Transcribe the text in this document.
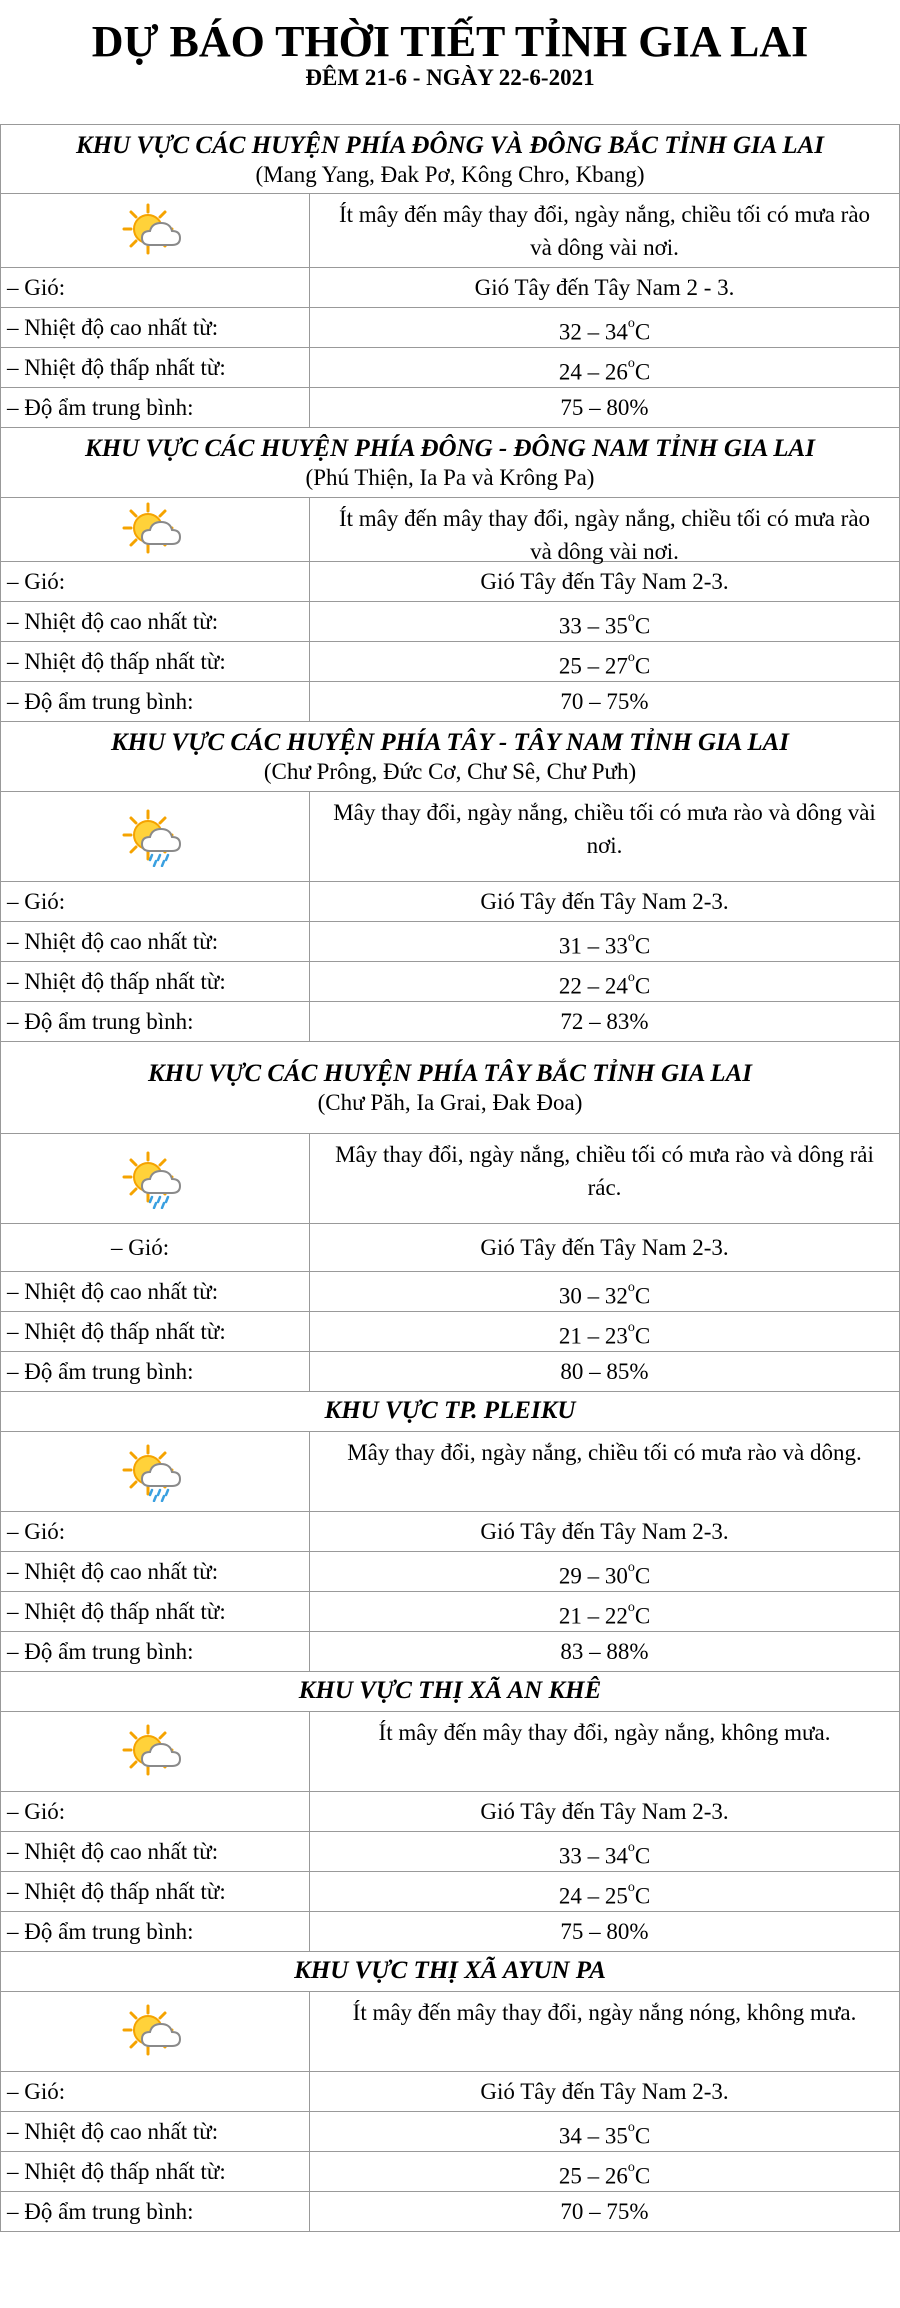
DỰ BÁO THỜI TIẾT TỈNH GIA LAI
ĐÊM 21-6 - NGÀY 22-6-2021
KHU VỰC CÁC HUYỆN PHÍA ĐÔNG VÀ ĐÔNG BẮC TỈNH GIA LAI
(Mang Yang, Đak Pơ, Kông Chro, Kbang)
Ít mây đến mây thay đổi, ngày nắng, chiều tối có mưa rào và dông vài nơi.
– Gió:	Gió Tây đến Tây Nam 2 - 3.
– Nhiệt độ cao nhất từ:	32 – 34$^o$C
– Nhiệt độ thấp nhất từ:	24 – 26$^o$C
– Độ ẩm trung bình:	75 – 80%
KHU VỰC CÁC HUYỆN PHÍA ĐÔNG - ĐÔNG NAM TỈNH GIA LAI
(Phú Thiện, Ia Pa và Krông Pa)
Ít mây đến mây thay đổi, ngày nắng, chiều tối có mưa rào và dông vài nơi.
– Gió:	Gió Tây đến Tây Nam 2-3.
– Nhiệt độ cao nhất từ:	33 – 35$^o$C
– Nhiệt độ thấp nhất từ:	25 – 27$^o$C
– Độ ẩm trung bình:	70 – 75%
KHU VỰC CÁC HUYỆN PHÍA TÂY - TÂY NAM TỈNH GIA LAI
(Chư Prông, Đức Cơ, Chư Sê, Chư Pưh)
Mây thay đổi, ngày nắng, chiều tối có mưa rào và dông vài nơi.
– Gió:	Gió Tây đến Tây Nam 2-3.
– Nhiệt độ cao nhất từ:	31 – 33$^o$C
– Nhiệt độ thấp nhất từ:	22 – 24$^o$C
– Độ ẩm trung bình:	72 – 83%
KHU VỰC CÁC HUYỆN PHÍA TÂY BẮC TỈNH GIA LAI
(Chư Păh, Ia Grai, Đak Đoa)
Mây thay đổi, ngày nắng, chiều tối có mưa rào và dông rải rác.
– Gió:	Gió Tây đến Tây Nam 2-3.
– Nhiệt độ cao nhất từ:	30 – 32$^o$C
– Nhiệt độ thấp nhất từ:	21 – 23$^o$C
– Độ ẩm trung bình:	80 – 85%
KHU VỰC TP. PLEIKU
Mây thay đổi, ngày nắng, chiều tối có mưa rào và dông.
– Gió:	Gió Tây đến Tây Nam 2-3.
– Nhiệt độ cao nhất từ:	29 – 30$^o$C
– Nhiệt độ thấp nhất từ:	21 – 22$^o$C
– Độ ẩm trung bình:	83 – 88%
KHU VỰC THỊ XÃ AN KHÊ
Ít mây đến mây thay đổi, ngày nắng, không mưa.
– Gió:	Gió Tây đến Tây Nam 2-3.
– Nhiệt độ cao nhất từ:	33 – 34$^o$C
– Nhiệt độ thấp nhất từ:	24 – 25$^o$C
– Độ ẩm trung bình:	75 – 80%
KHU VỰC THỊ XÃ AYUN PA
Ít mây đến mây thay đổi, ngày nắng nóng, không mưa.
– Gió:	Gió Tây đến Tây Nam 2-3.
– Nhiệt độ cao nhất từ:	34 – 35$^o$C
– Nhiệt độ thấp nhất từ:	25 – 26$^o$C
– Độ ẩm trung bình:	70 – 75%
